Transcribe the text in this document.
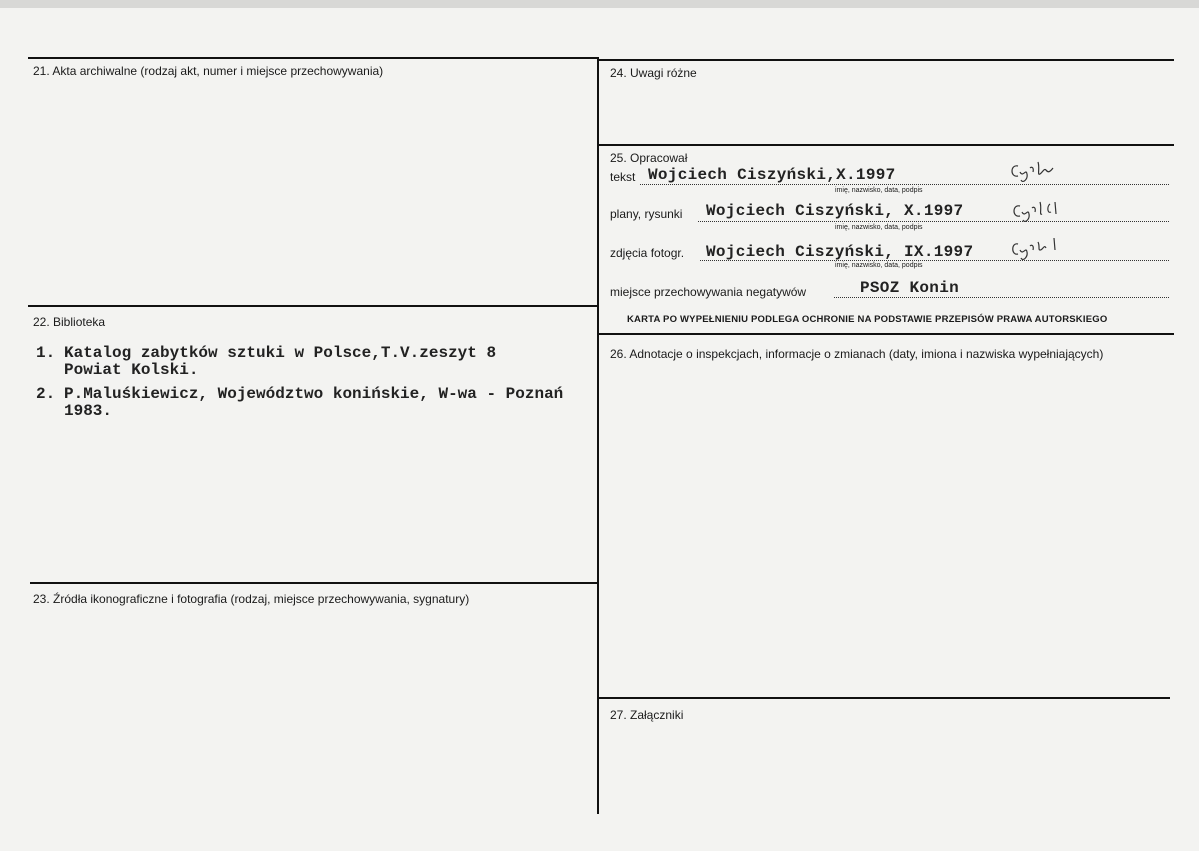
21. Akta archiwalne (rodzaj akt, numer i miejsce przechowywania)
22. Biblioteka
1. Katalog zabytków sztuki w Polsce,T.V.zeszyt 8
Powiat Kolski.
2. P.Maluśkiewicz, Województwo konińskie, W-wa - Poznań
1983.
23. Źródła ikonograficzne i fotografia (rodzaj, miejsce przechowywania, sygnatury)
24. Uwagi różne
25. Opracował
tekst Wojciech Ciszyński,X.1997
imię, nazwisko, data, podpis
plany, rysunki Wojciech Ciszyński, X.1997
imię, nazwisko, data, podpis
zdjęcia fotogr. Wojciech Ciszyński, IX.1997
imię, nazwisko, data, podpis
miejsce przechowywania negatywów	PSOZ Konin
KARTA PO WYPEŁNIENIU PODLEGA OCHRONIE NA PODSTAWIE PRZEPISÓW PRAWA AUTORSKIEGO
26. Adnotacje o inspekcjach, informacje o zmianach (daty, imiona i nazwiska wypełniających)
27. Załączniki
